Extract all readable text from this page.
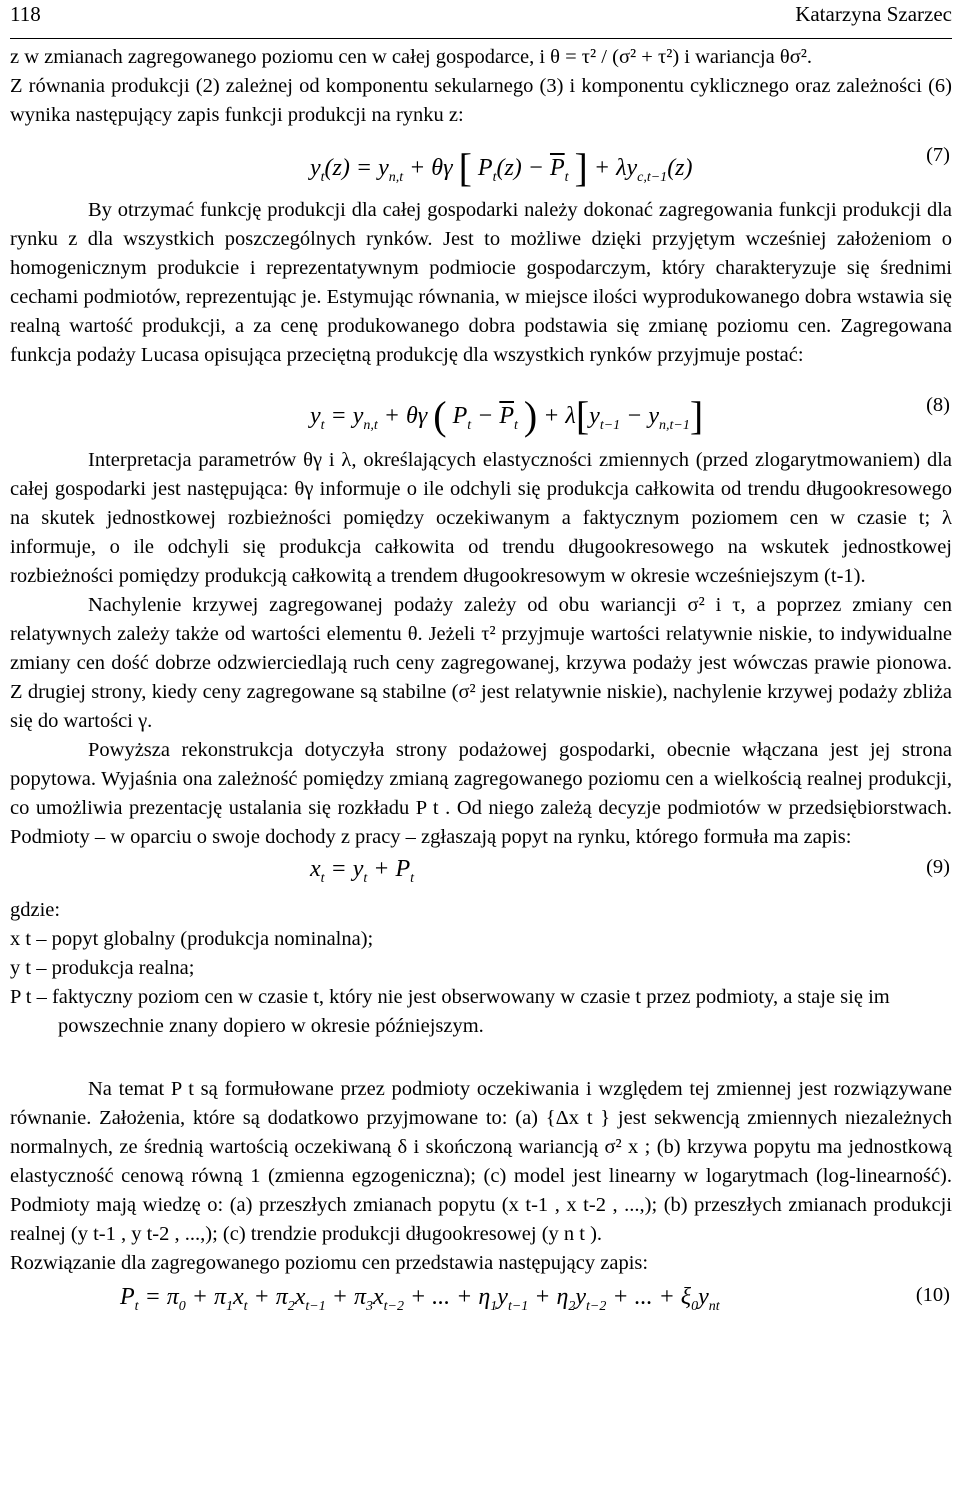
118	Katarzyna Szarzec

z w zmianach zagregowanego poziomu cen w całej gospodarce, i θ = τ² / (σ² + τ²) i wariancja θσ².

Z równania produkcji (2) zależnej od komponentu sekularnego (3) i komponentu cyklicznego oraz zależności (6) wynika następujący zapis funkcji produkcji na rynku z:

$y_t(z) = y_{n,t} + \theta\gamma$ [ $P_t(z) - \overline{P}_t$ ] + $\lambda y_{c,t-1}(z)$	(7)

By otrzymać funkcję produkcji dla całej gospodarki należy dokonać zagregowania funkcji produkcji dla rynku z dla wszystkich poszczególnych rynków. Jest to możliwe dzięki przyjętym wcześniej założeniom o homogenicznym produkcie i reprezentatywnym podmiocie gospodarczym, który charakteryzuje się średnimi cechami podmiotów, reprezentując je. Estymując równania, w miejsce ilości wyprodukowanego dobra wstawia się realną wartość produkcji, a za cenę produkowanego dobra podstawia się zmianę poziomu cen. Zagregowana funkcja podaży Lucasa opisująca przeciętną produkcję dla wszystkich rynków przyjmuje postać:

$y_t = y_{n,t} + \theta\gamma$ ( $P_t - \overline{P}_t$ ) + $\lambda[y_{t-1} - y_{n,t-1}]$	(8)

Interpretacja parametrów θγ i λ, określających elastyczności zmiennych (przed zlogarytmowaniem) dla całej gospodarki jest następująca: θγ informuje o ile odchyli się produkcja całkowita od trendu długookresowego na skutek jednostkowej rozbieżności pomiędzy oczekiwanym a faktycznym poziomem cen w czasie t; λ informuje, o ile odchyli się produkcja całkowita od trendu długookresowego na wskutek jednostkowej rozbieżności pomiędzy produkcją całkowitą a trendem długookresowym w okresie wcześniejszym (t-1).

Nachylenie krzywej zagregowanej podaży zależy od obu wariancji σ² i τ, a poprzez zmiany cen relatywnych zależy także od wartości elementu θ. Jeżeli τ² przyjmuje wartości relatywnie niskie, to indywidualne zmiany cen dość dobrze odzwierciedlają ruch ceny zagregowanej, krzywa podaży jest wówczas prawie pionowa. Z drugiej strony, kiedy ceny zagregowane są stabilne (σ² jest relatywnie niskie), nachylenie krzywej podaży zbliża się do wartości γ.

Powyższa rekonstrukcja dotyczyła strony podażowej gospodarki, obecnie włączana jest jej strona popytowa. Wyjaśnia ona zależność pomiędzy zmianą zagregowanego poziomu cen a wielkością realnej produkcji, co umożliwia prezentację ustalania się rozkładu P t . Od niego zależą decyzje podmiotów w przedsiębiorstwach. Podmioty – w oparciu o swoje dochody z pracy – zgłaszają popyt na rynku, którego formuła ma zapis:

$x_t = y_t + P_t$
(9)
gdzie:
x t – popyt globalny (produkcja nominalna);
y t – produkcja realna;
P t – faktyczny poziom cen w czasie t, który nie jest obserwowany w czasie t przez podmioty, a staje się im powszechnie znany dopiero w okresie późniejszym.

Na temat P t są formułowane przez podmioty oczekiwania i względem tej zmiennej jest rozwiązywane równanie. Założenia, które są dodatkowo przyjmowane to: (a) {Δx t } jest sekwencją zmiennych niezależnych normalnych, ze średnią wartością oczekiwaną δ i skończoną wariancją σ² x ; (b) krzywa popytu ma jednostkową elastyczność cenową równą 1 (zmienna egzogeniczna); (c) model jest linearny w logarytmach (log-linearność). Podmioty mają wiedzę o: (a) przeszłych zmianach popytu (x t-1 , x t-2 , ...,); (b) przeszłych zmianach produkcji realnej (y t-1 , y t-2 , ...,); (c) trendzie produkcji długookresowej (y n t ).

Rozwiązanie dla zagregowanego poziomu cen przedstawia następujący zapis:

$P_t = \pi_0 + \pi_1x_t + \pi_2x_{t-1} + \pi_3x_{t-2}$ + ... + $\eta_1y_{t-1} + \eta_2y_{t-2}$ + ... + $\xi_0y_{nt}$
(10)
